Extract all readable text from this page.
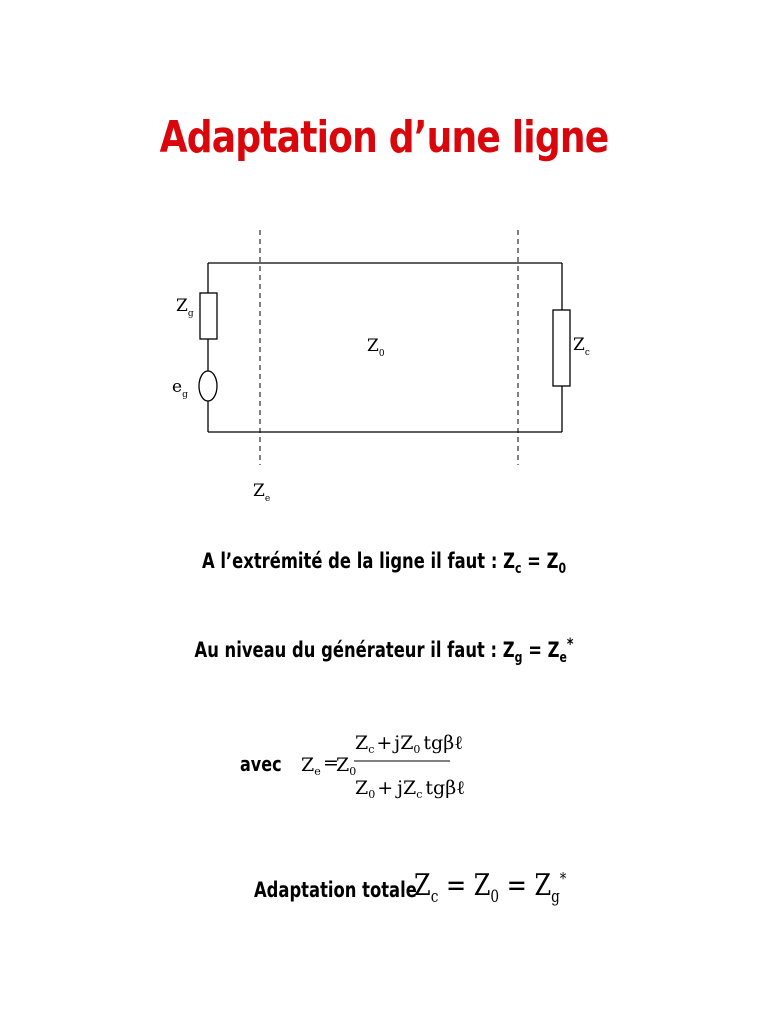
Adaptation d’une ligne
$Z_g$
$e_g$
$Z_0$	$Z_c$
$Z_e$
$Z_e$ =
$Z_0$
$Z_c + jZ_0$ tgβℓ
$Z_0 + jZ_c$ tgβℓ
A l’extrémité de la ligne il faut : $Z_c = Z_0$
Au niveau du générateur il faut : $Z_g = Z_e^*$
avec
Adaptation totale
$Z_c = Z_0 = Z_g^*$
